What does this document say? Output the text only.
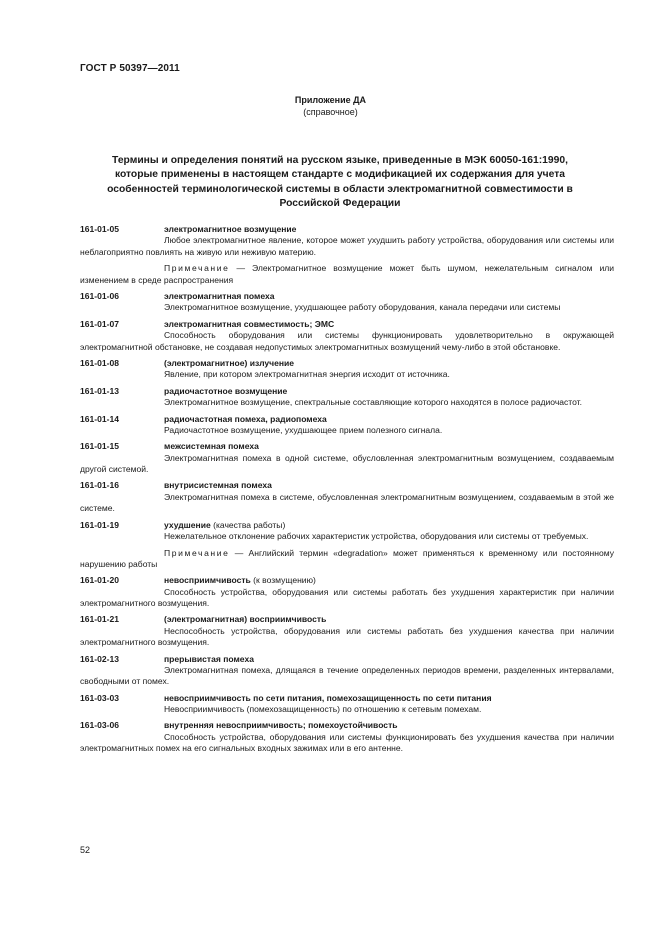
ГОСТ Р 50397—2011
Приложение ДА
(справочное)
Термины и определения понятий на русском языке, приведенные в МЭК 60050-161:1990, которые применены в настоящем стандарте с модификацией их содержания для учета особенностей терминологической системы в области электромагнитной совместимости в Российской Федерации
161-01-05	электромагнитное возмущение
Любое электромагнитное явление, которое может ухудшить работу устройства, оборудования или системы или неблагоприятно повлиять на живую или неживую материю.
Примечание — Электромагнитное возмущение может быть шумом, нежелательным сигналом или изменением в среде распространения
161-01-06	электромагнитная помеха
Электромагнитное возмущение, ухудшающее работу оборудования, канала передачи или системы
161-01-07	электромагнитная совместимость; ЭМС
Способность оборудования или системы функционировать удовлетворительно в окружающей электромагнитной обстановке, не создавая недопустимых электромагнитных возмущений чему-либо в этой обстановке.
161-01-08	(электромагнитное) излучение
Явление, при котором электромагнитная энергия исходит от источника.
161-01-13	радиочастотное возмущение
Электромагнитное возмущение, спектральные составляющие которого находятся в полосе радиочастот.
161-01-14	радиочастотная помеха, радиопомеха
Радиочастотное возмущение, ухудшающее прием полезного сигнала.
161-01-15	межсистемная помеха
Электромагнитная помеха в одной системе, обусловленная электромагнитным возмущением, создаваемым другой системой.
161-01-16	внутрисистемная помеха
Электромагнитная помеха в системе, обусловленная электромагнитным возмущением, создаваемым в этой же системе.
161-01-19	ухудшение (качества работы)
Нежелательное отклонение рабочих характеристик устройства, оборудования или системы от требуемых.
Примечание — Английский термин «degradation» может применяться к временному или постоянному нарушению работы
161-01-20	невосприимчивость (к возмущению)
Способность устройства, оборудования или системы работать без ухудшения характеристик при наличии электромагнитного возмущения.
161-01-21	(электромагнитная) восприимчивость
Неспособность устройства, оборудования или системы работать без ухудшения качества при наличии электромагнитного возмущения.
161-02-13	прерывистая помеха
Электромагнитная помеха, длящаяся в течение определенных периодов времени, разделенных интервалами, свободными от помех.
161-03-03	невосприимчивость по сети питания, помехозащищенность по сети питания
Невосприимчивость (помехозащищенность) по отношению к сетевым помехам.
161-03-06	внутренняя невосприимчивость; помехоустойчивость
Способность устройства, оборудования или системы функционировать без ухудшения качества при наличии электромагнитных помех на его сигнальных входных зажимах или в его антенне.
52
